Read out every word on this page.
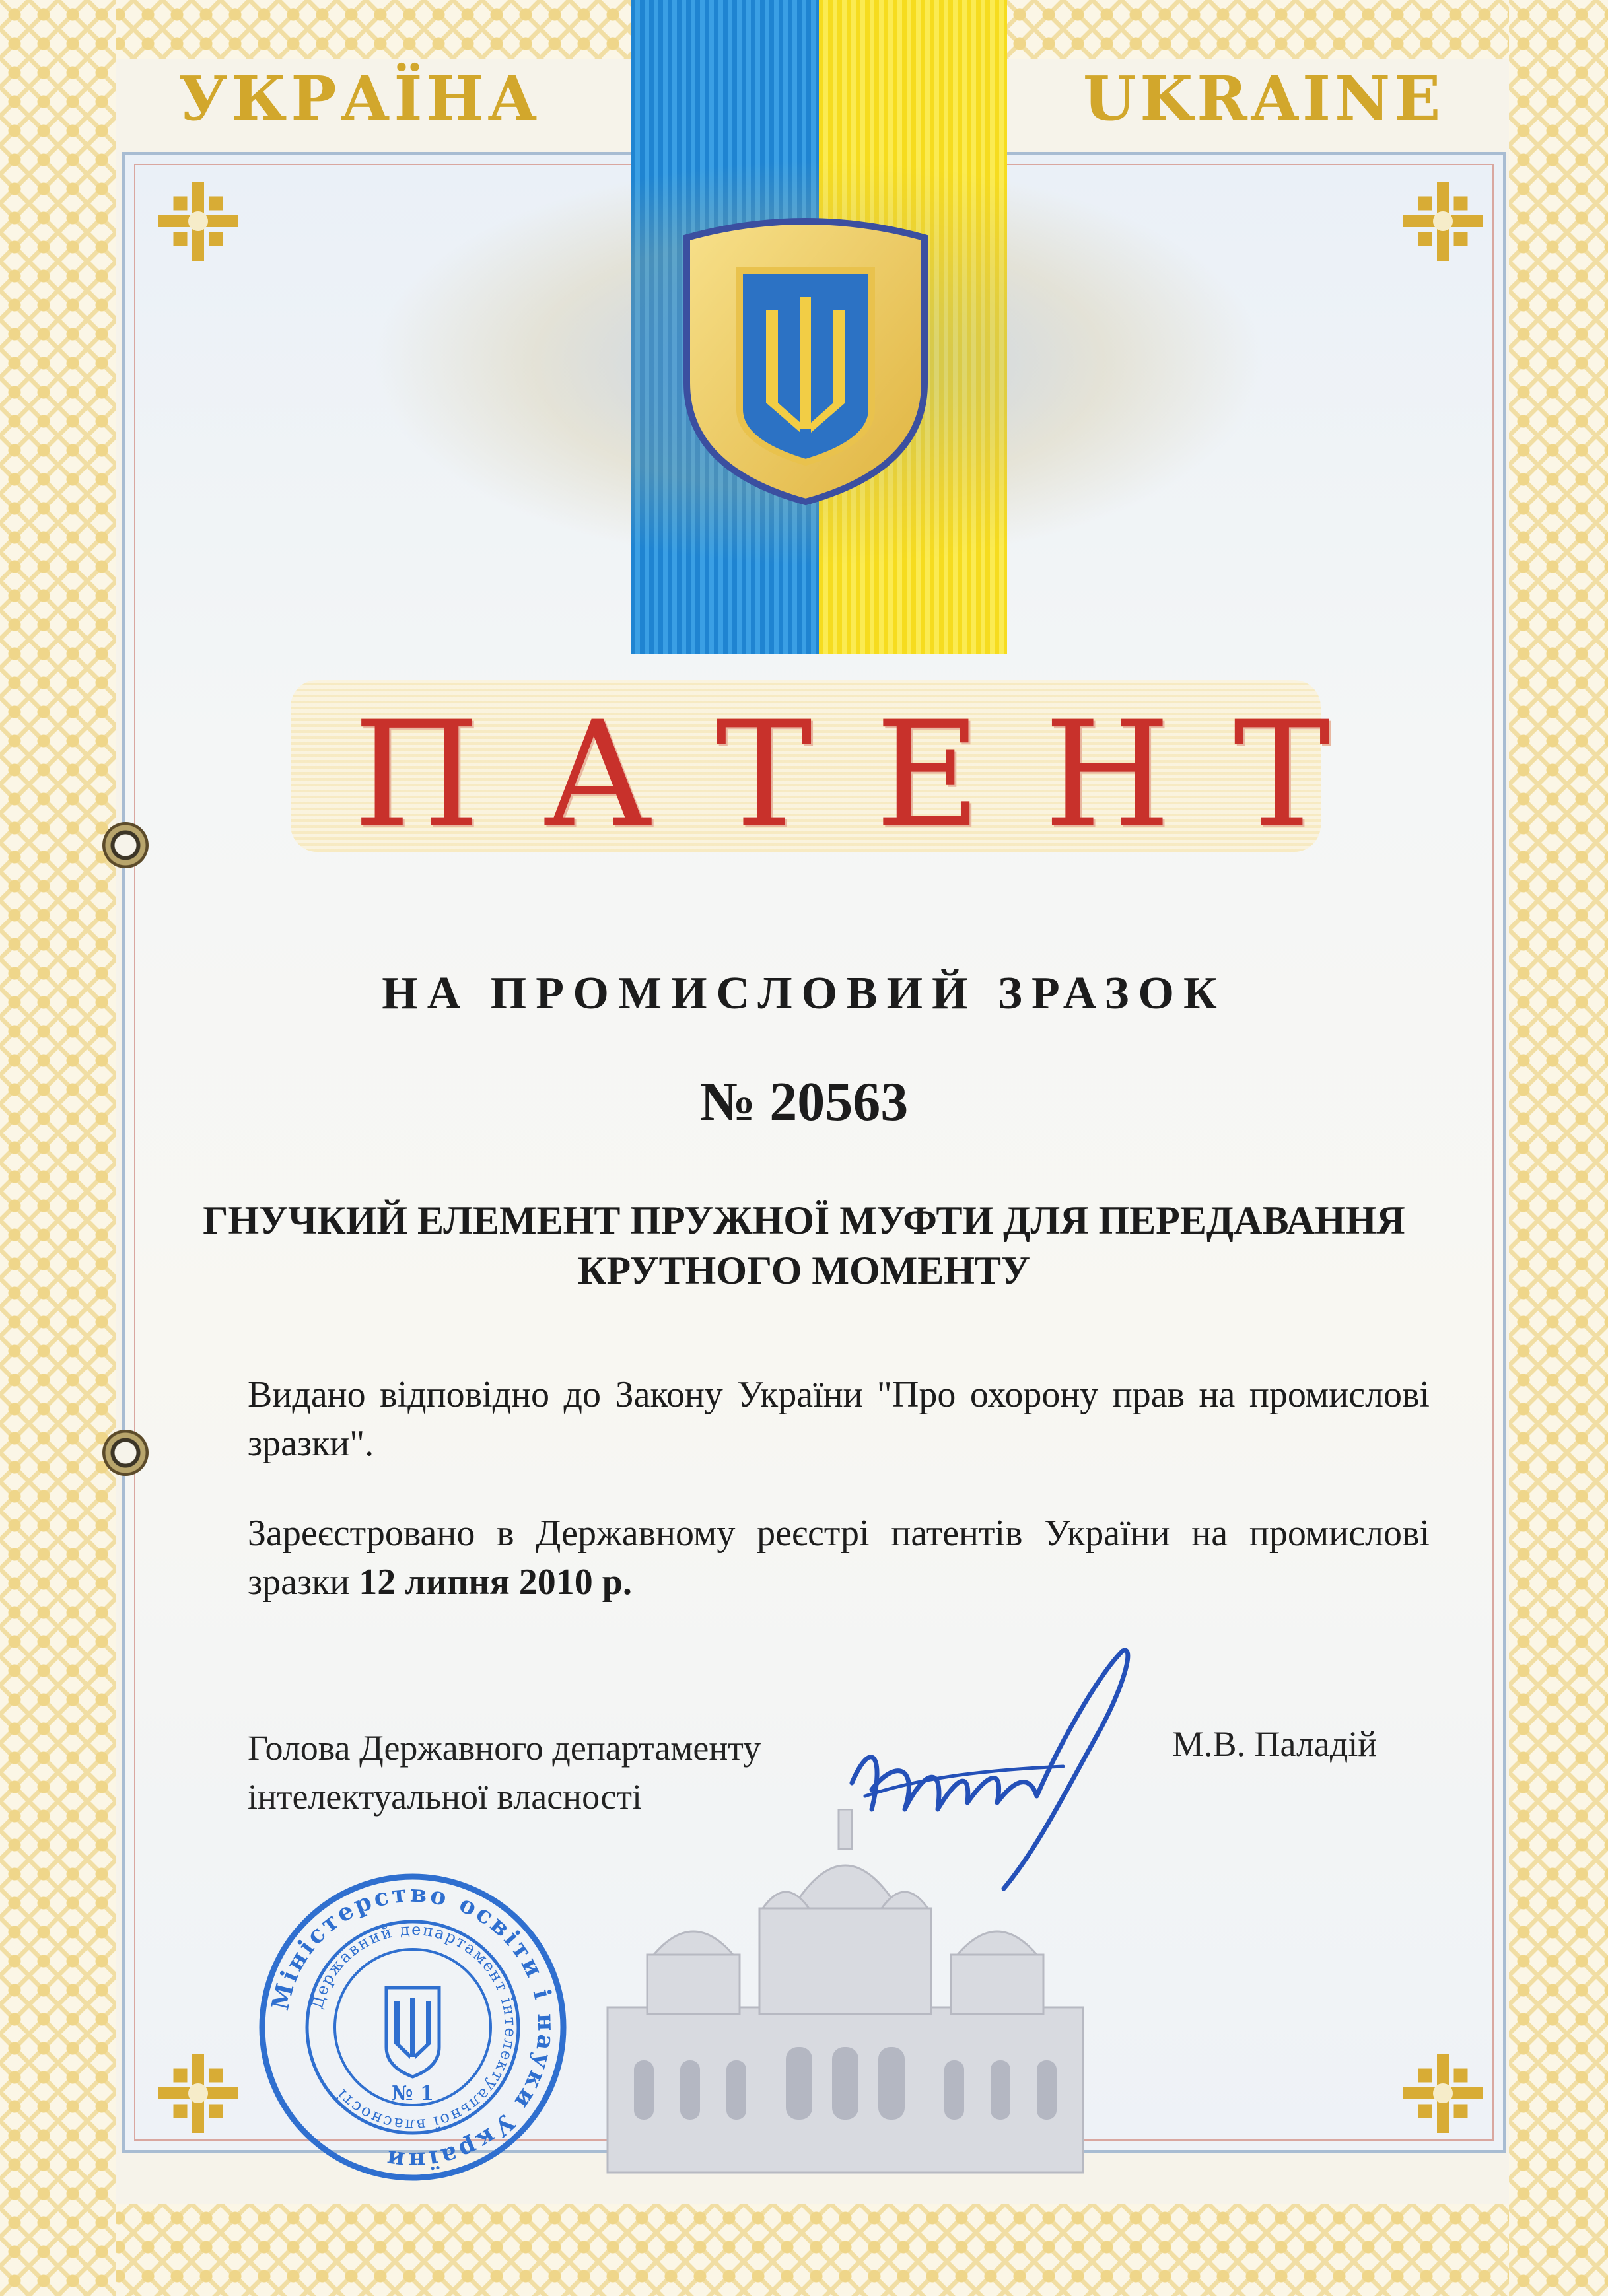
УКРАЇНА	UKRAINE
ПАТЕНТ
НА ПРОМИСЛОВИЙ ЗРАЗОК
№ 20563
ГНУЧКИЙ ЕЛЕМЕНТ ПРУЖНОЇ МУФТИ ДЛЯ ПЕРЕДАВАННЯ
КРУТНОГО МОМЕНТУ
Видано відповідно до Закону України "Про охорону прав на промислові зразки".
Зареєстровано в Державному реєстрі патентів України на промислові зразки 12 липня 2010 р.
Голова Державного департаменту
інтелектуальної власності
М.В. Паладій
Міністерство освіти і науки України
Державний департамент інтелектуальної власності	№ 1
